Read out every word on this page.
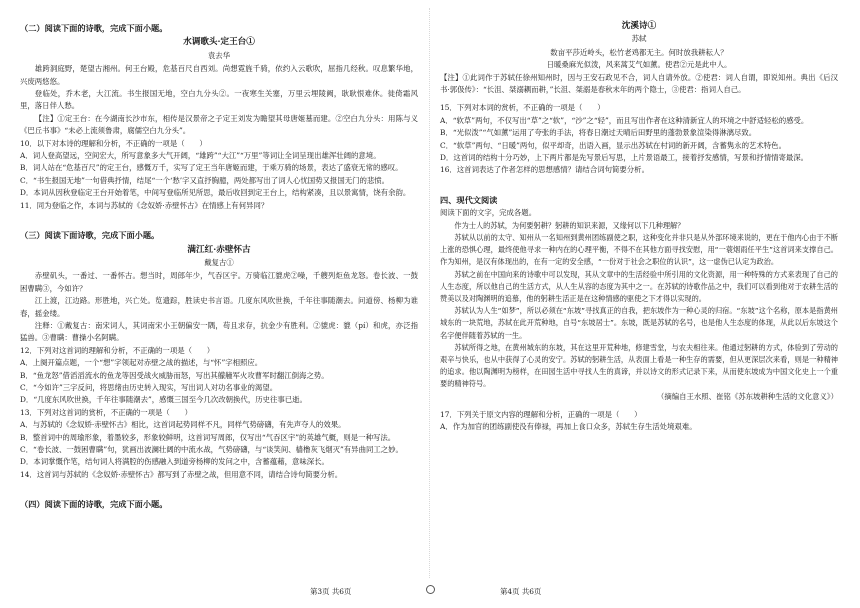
（二）阅读下面的诗歌，完成下面小题。

水调歌头·定王台①

袁去华

雄跨洞庭野，楚望古湘州。何王台殿，危基百尺自西刘。尚想霓旌千骑，依约入云歌吹，屈指几经秋。叹息繁华地，兴废两悠悠。

登临处，乔木老，大江流。书生报国无地，空白九分头②。一夜寒生关塞，万里云埋陵阙，耿耿恨难休。徙倚霜风里，落日伴人愁。

【注】①定王台：在今湖南长沙市东，相传是汉景帝之子定王刘发为瞻望其母唐姬墓而建。②空白九分头：用陈与义《巴丘书事》“未必上流须鲁肃，腐儒空白九分头”。

10．以下对本诗的理解和分析，不正确的一项是（　　）

A．词人登高望远，空间宏大，所写意象多大气开阔，“雄跨”“大江”“万里”等词让全词呈现出雄浑壮阔的意境。

B．词人站在“危基百尺”的定王台，感慨万千，实写了定王当年唐姬而建，于乘万骑的场景，表达了盛衰无常的感叹。

C．“书生报国无地”一句借典抒情，结尾“一个‘愁’字又直抒胸臆，两处都写出了词人心忧国势又报国无门的悲愤。

D．本词从因秋登临定王台开始着笔，中间写登临所见所思，最后收回到定王台上，结构紧凑，且以景寓情，饶有余韵。

11．同为登临之作，本词与苏轼的《念奴娇·赤壁怀古》在情感上有何异同？

（三）阅读下面诗歌，完成下面小题。

满江红·赤壁怀古

戴复古①

赤壁矶头，一番过、一番怀古。想当时，周郎年少，气吞区宇。万骑临江貔虎②噪，千艘列炬鱼龙怒。卷长波、一鼓困曹瞒③，今如许？

江上渡，江边路。形胜地，兴亡处。览遗踪，胜读史书言语。几度东风吹世换，千年往事随潮去。问道傍、杨柳为谁春，摇金缕。

注释：①戴复古：南宋词人，其词南宋小王朝偏安一隅，苟且求存，抗金少有胜利。②貔虎：貔（pí）和虎，亦泛指猛兽。③曹瞒：曹操小名阿瞒。

12．下列对这首词的理解和分析，不正确的一项是（　　）

A．上阕开篇点题，一个“想”字领起对赤壁之战的描述，与“怀”字相照应。

B．“鱼龙怒”借滔滔流水的鱼龙等因受战火威胁而怒，写出其艨艟军火攻曹军时翻江倒海之势。

C．“今如许”三字反问，将思绪由历史转入现实，写出词人对功名事业的渴望。

D．“几度东风吹世换，千年往事随潮去”，感慨三国至今几次改朝换代，历史往事已逝。

13．下列对这首词的赏析，不正确的一项是（　　）

A．与苏轼的《念奴娇·赤壁怀古》相比，这首词起势同样不凡，同样气势磅礴，有先声夺人的效果。

B．整首词中的周瑜形象，着墨较多，形象较鲜明，这首词写周郎，仅写出“气吞区宇”的英雄气概，则是一种写法。

C．“卷长波、一鼓困曹瞒”句，犹画出波澜壮阔的中流水战，气势磅礴，与“谈笑间、樯橹灰飞烟灭”有异曲同工之妙。

D．本词掌慨作笔，结句词人将满腔的伤感融入到道旁杨柳的发问之中，含蓄蕴藉，意味深长。

14．这首词与苏轼的《念奴娇·赤壁怀古》都写到了赤壁之战，但用意不同，请结合诗句简要分析。

（四）阅读下面的诗歌，完成下面小题。

沈溪诗①

苏轼

数亩平莎近岭头，松竹老鸡都无主。何时放我耕耘人？

日暖桑麻光似泼，风来蒿艾气如薰。使君②元是此中人。

【注】①此词作于苏轼任徐州知州时，因与王安石政见不合，词人自请外放。②使君：词人自谓，即说知州。典出《后汉书·郭伋传》：“长沮、桀溺耦而耕，”长沮、桀溺是春秋末年的两个隐士，③使君：指词人自己。

15．下列对本词的赏析，不正确的一项是（　　）

A．“软草”两句，不仅写出“草”之“软”，“沙”之“轻”，而且写出作者在这种清新宜人的环境之中舒适轻松的感受。

B．“光似泼”“气如薰”运用了夸张的手法，将春日潮过天晴后田野里的蓬勃景象渲染得淋漓尽致。

C．“软草”两句、“日暖”两句，似平却奇，出语入画，显示出苏轼在村词的新开阔，含蓄隽永的艺术特色。

D．这首词的结构十分巧妙，上下两片都是先写景后写思，上片景语最工，接着抒发感情，写景和抒情情寄最深。

16．这首词表达了作者怎样的思想感情？请结合词句简要分析。

四、现代文阅读

阅读下面的文字，完成各题。

作为士人的苏轼，为何要躬耕？躬耕的知识来源，又缘何以下几种理解？

苏轼从以前的太守、知州从一名知州到黄州团练副使之职，这种变化并非只是从外部环境来说的，更在于他内心由于不断上涨的恐惧心理，最终使他寻求一种内在的心理平衡，不得不在其他方面寻找安慰，用“一蓑烟雨任平生”这首词来支撑自己。作为知州，是汉有体现出的，在有一定的安全感，“一份对于社会之职位的认识”，这一虚伪已认定为政治。

苏轼之前在中国向来的诗歌中可以发现，其从文章中的生活经验中所引用的文化资源，用一种特殊的方式来表现了自己的人生态度，所以他自己的生活方式，从人生从容的态度为其中之一。在苏轼的诗歌作品之中，我们可以看到他对于农耕生活的赞美以及对陶渊明的追慕，他的躬耕生活正是在这种情感的驱使之下才得以实现的。

苏轼认为人生“如梦”，所以必须在“东坡”寻找真正的自我，把东坡作为一种心灵的归宿。“东坡”这个名称，原本是指黄州城东的一块荒地，苏轼在此开荒种地，自号“东坡居士”。东坡，既是苏轼的名号，也是他人生态度的体现，从此以后东坡这个名字便伴随着苏轼的一生。

苏轼所得之地，在黄州城东的东坡，其在这里开荒种地，修建雪堂，与农夫相往来。他通过躬耕的方式，体验到了劳动的艰辛与快乐，也从中获得了心灵的安宁。苏轼的躬耕生活，从表面上看是一种生存的需要，但从更深层次来看，则是一种精神的追求。他以陶渊明为榜样，在田园生活中寻找人生的真谛，并以诗文的形式记录下来，从而使东坡成为中国文化史上一个重要的精神符号。

（摘编自王水照、崔铭《苏东坡耕种生活的文化意义》）

17．下列关于原文内容的理解和分析，正确的一项是（　　）

A．作为加官的团练副使没有俸禄，再加上食口众多，苏轼生存生活处境艰难。

第3页 共6页	第4页 共6页
